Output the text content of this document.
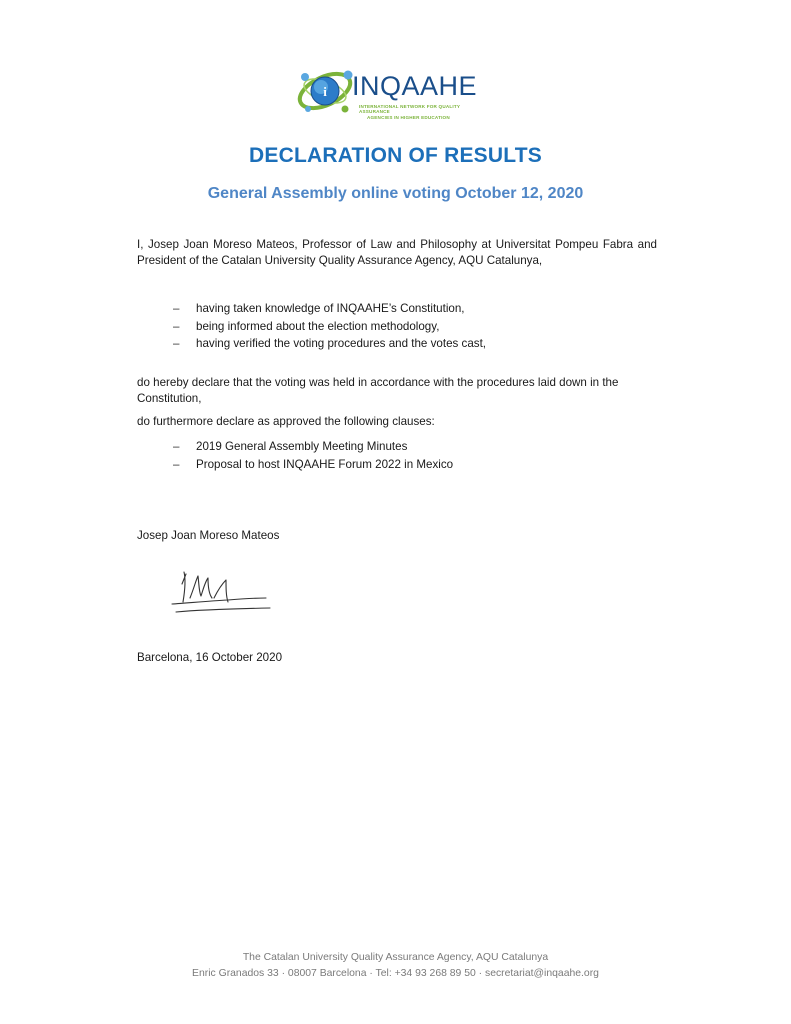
i INQAAHE
INTERNATIONAL NETWORK FOR QUALITY ASSURANCE
AGENCIES IN HIGHER EDUCATION
DECLARATION OF RESULTS
General Assembly online voting October 12, 2020
I, Josep Joan Moreso Mateos, Professor of Law and Philosophy at Universitat Pompeu Fabra and President of the Catalan University Quality Assurance Agency, AQU Catalunya,
– having taken knowledge of INQAAHE’s Constitution,
– being informed about the election methodology,
– having verified the voting procedures and the votes cast,
do hereby declare that the voting was held in accordance with the procedures laid down in the Constitution,
do furthermore declare as approved the following clauses:
– 2019 General Assembly Meeting Minutes
– Proposal to host INQAAHE Forum 2022 in Mexico
Josep Joan Moreso Mateos
Barcelona, 16 October 2020
The Catalan University Quality Assurance Agency, AQU Catalunya
Enric Granados 33 · 08007 Barcelona · Tel: +34 93 268 89 50 · secretariat@inqaahe.org
